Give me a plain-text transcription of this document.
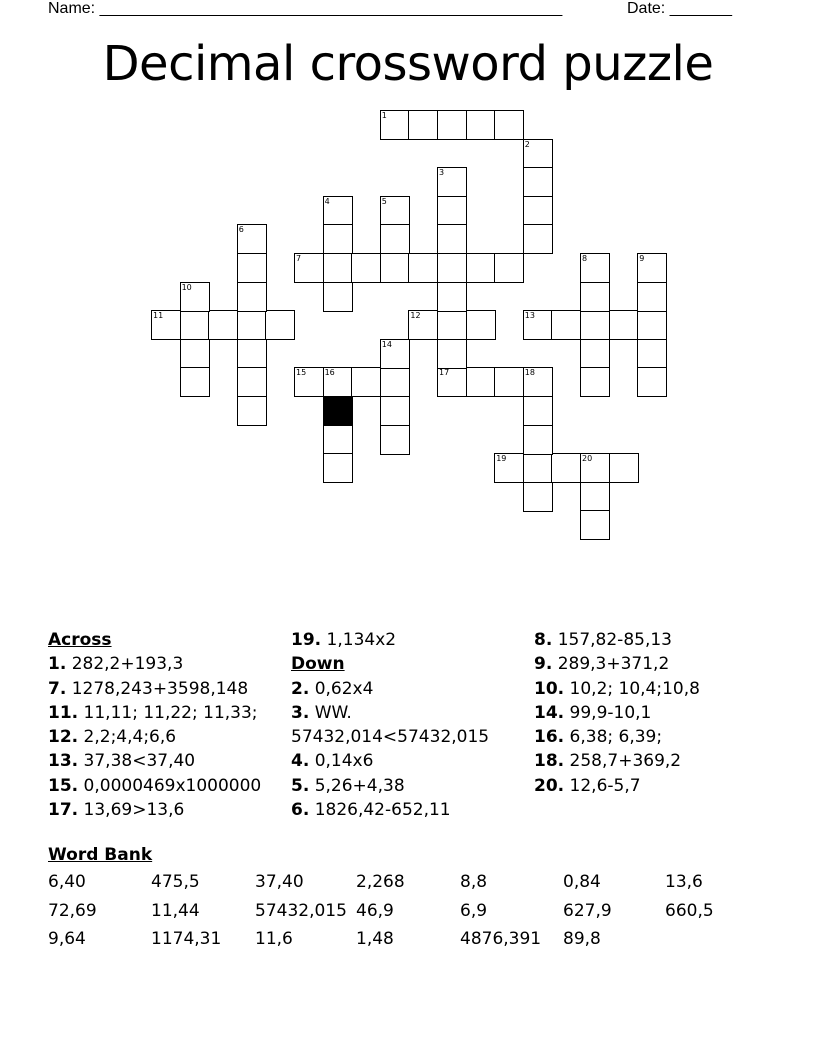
Name: ____________________________________________________	Date: _______
Decimal crossword puzzle
1
7
11	12	13
15 16	17
19	20
2
3
4	5
6
8	9
10
14
18
Across
1. 282,2+193,3
7. 1278,243+3598,148
11. 11,11; 11,22; 11,33;
12. 2,2;4,4;6,6
13. 37,38<37,40
15. 0,0000469x1000000
17. 13,69>13,6
19. 1,134x2
Down
2. 0,62x4
3. WW.
57432,014<57432,015
4. 0,14x6
5. 5,26+4,38
6. 1826,42-652,11
8. 157,82-85,13
9. 289,3+371,2
10. 10,2; 10,4;10,8
14. 99,9-10,1
16. 6,38; 6,39;
18. 258,7+369,2
20. 12,6-5,7
Word Bank
6,40	475,5	37,40	2,268	8,8	0,84	13,6
72,69	11,44	57432,015 46,9	6,9	627,9	660,5
9,64	1174,31 11,6	1,48	4876,391 89,8
